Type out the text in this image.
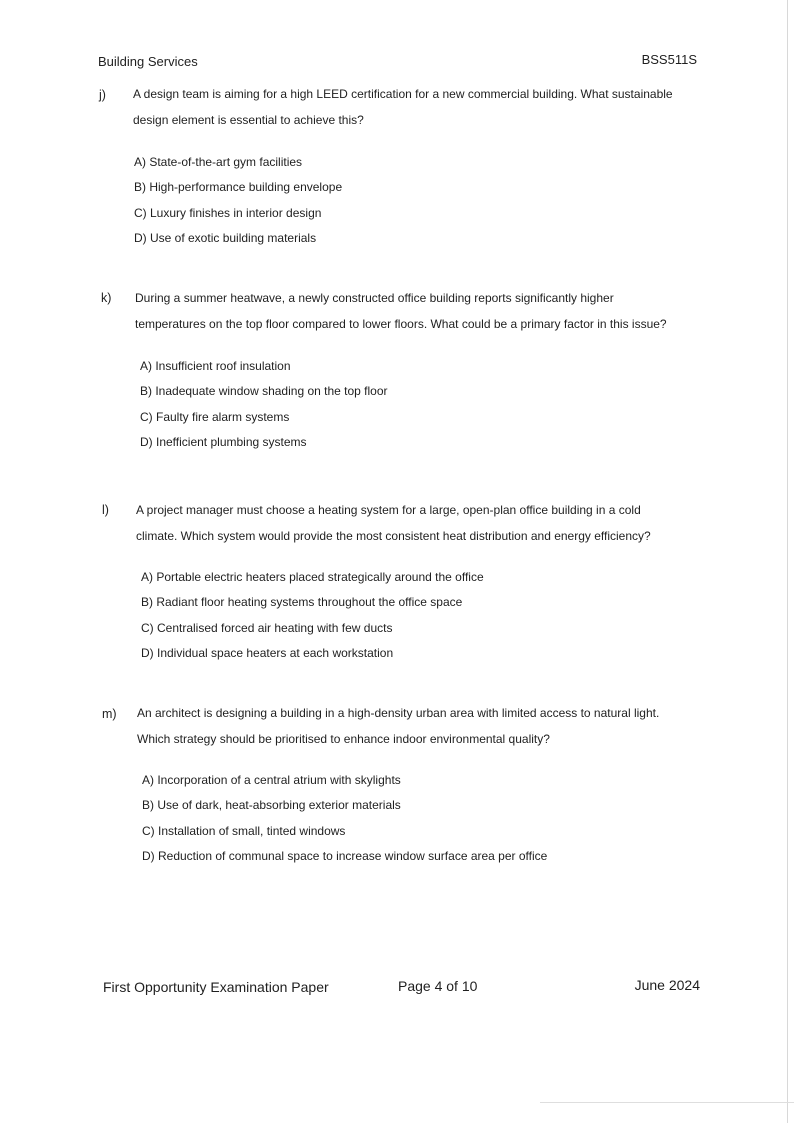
Building Services	BSS511S
j) A design team is aiming for a high LEED certification for a new commercial building. What sustainable
design element is essential to achieve this?
A) State-of-the-art gym facilities
B) High-performance building envelope
C) Luxury finishes in interior design
D) Use of exotic building materials
k) During a summer heatwave, a newly constructed office building reports significantly higher
temperatures on the top floor compared to lower floors. What could be a primary factor in this issue?
A) Insufficient roof insulation
B) Inadequate window shading on the top floor
C) Faulty fire alarm systems
D) Inefficient plumbing systems
l) A project manager must choose a heating system for a large, open-plan office building in a cold
climate. Which system would provide the most consistent heat distribution and energy efficiency?
A) Portable electric heaters placed strategically around the office
B) Radiant floor heating systems throughout the office space
C) Centralised forced air heating with few ducts
D) Individual space heaters at each workstation
m) An architect is designing a building in a high-density urban area with limited access to natural light.
Which strategy should be prioritised to enhance indoor environmental quality?
A) Incorporation of a central atrium with skylights
B) Use of dark, heat-absorbing exterior materials
C) Installation of small, tinted windows
D) Reduction of communal space to increase window surface area per office
First Opportunity Examination Paper	Page 4 of 10	June 2024
